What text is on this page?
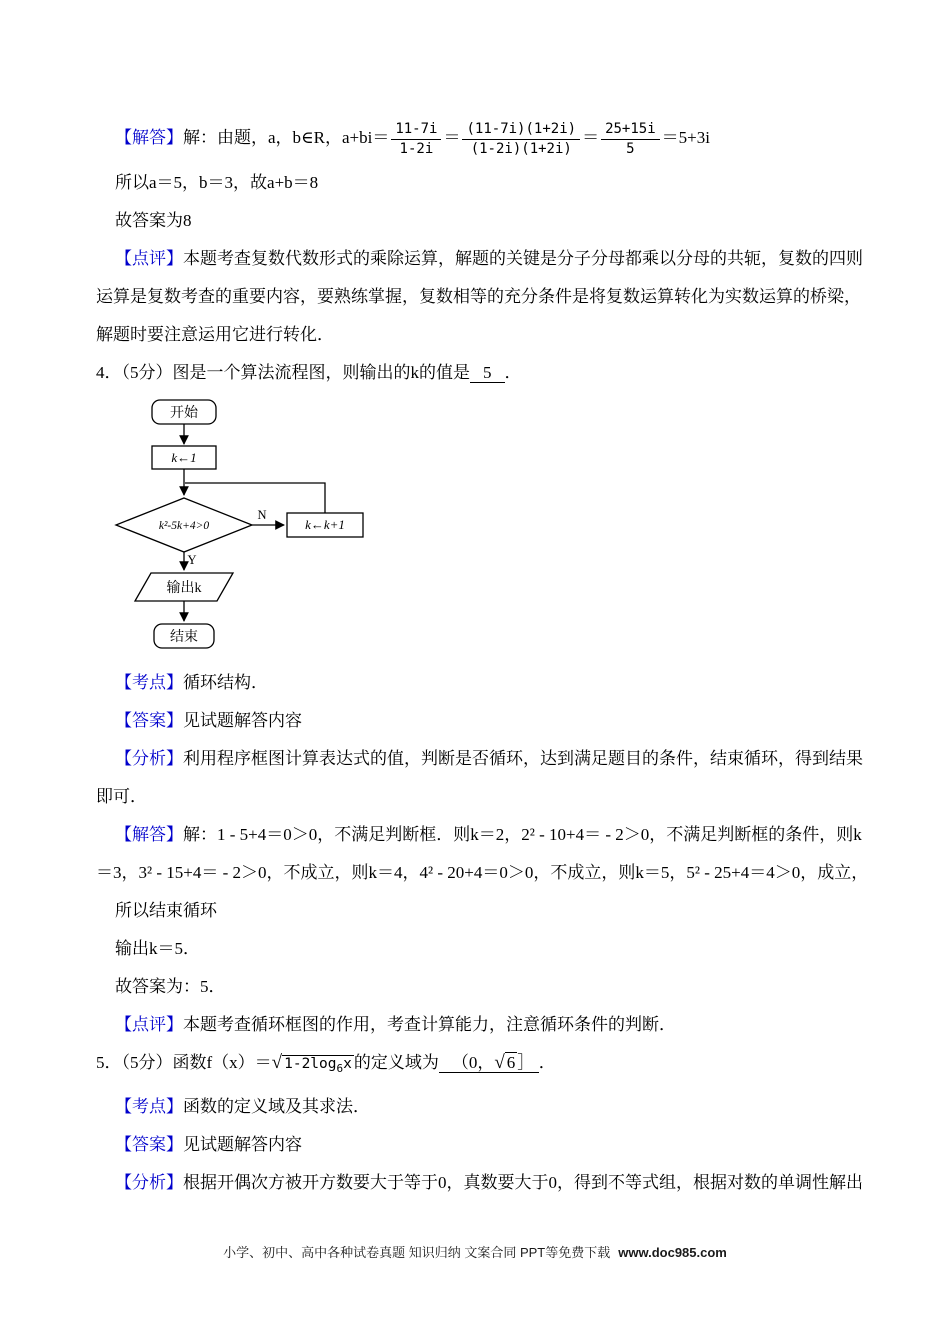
【解答】解：由题，a，b∈R，$a+bi= \frac{11-7i}{1-2i} = \frac{(11-7i)(1+2i)}{(1-2i)(1+2i)} = \frac{25+15i}{5} =5+3i$

所以a＝5，b＝3，故a+b＝8

故答案为8

【点评】本题考查复数代数形式的乘除运算，解题的关键是分子分母都乘以分母的共轭，复数的四则运算是复数考查的重要内容，要熟练掌握，复数相等的充分条件是将复数运算转化为实数运算的桥梁，解题时要注意运用它进行转化．

4．（5分）图是一个算法流程图，则输出的k的值是 5 ．

开始
k←1
k²-5k+4>0
N
k←k+1
Y
输出k
结束

【考点】循环结构．

【答案】见试题解答内容

【分析】利用程序框图计算表达式的值，判断是否循环，达到满足题目的条件，结束循环，得到结果即可．

【解答】解：1 - 5+4＝0＞0，不满足判断框．则k＝2，2² - 10+4＝ - 2＞0，不满足判断框的条件，则k＝3，3² - 15+4＝ - 2＞0，不成立，则k＝4，4² - 20+4＝0＞0，不成立，则k＝5，5² - 25+4＝4＞0，成立，

所以结束循环

输出k＝5．

故答案为：5．

【点评】本题考查循环框图的作用，考查计算能力，注意循环条件的判断．

5．（5分）函数f（x）＝√ $1-2\log_6x$ 的定义域为 （0，√ 6 ］ ．

【考点】函数的定义域及其求法．

【答案】见试题解答内容

【分析】根据开偶次方被开方数要大于等于0，真数要大于0，得到不等式组，根据对数的单调性解出

小学、初中、高中各种试卷真题 知识归纳 文案合同 PPT等免费下载 www.doc985.com
